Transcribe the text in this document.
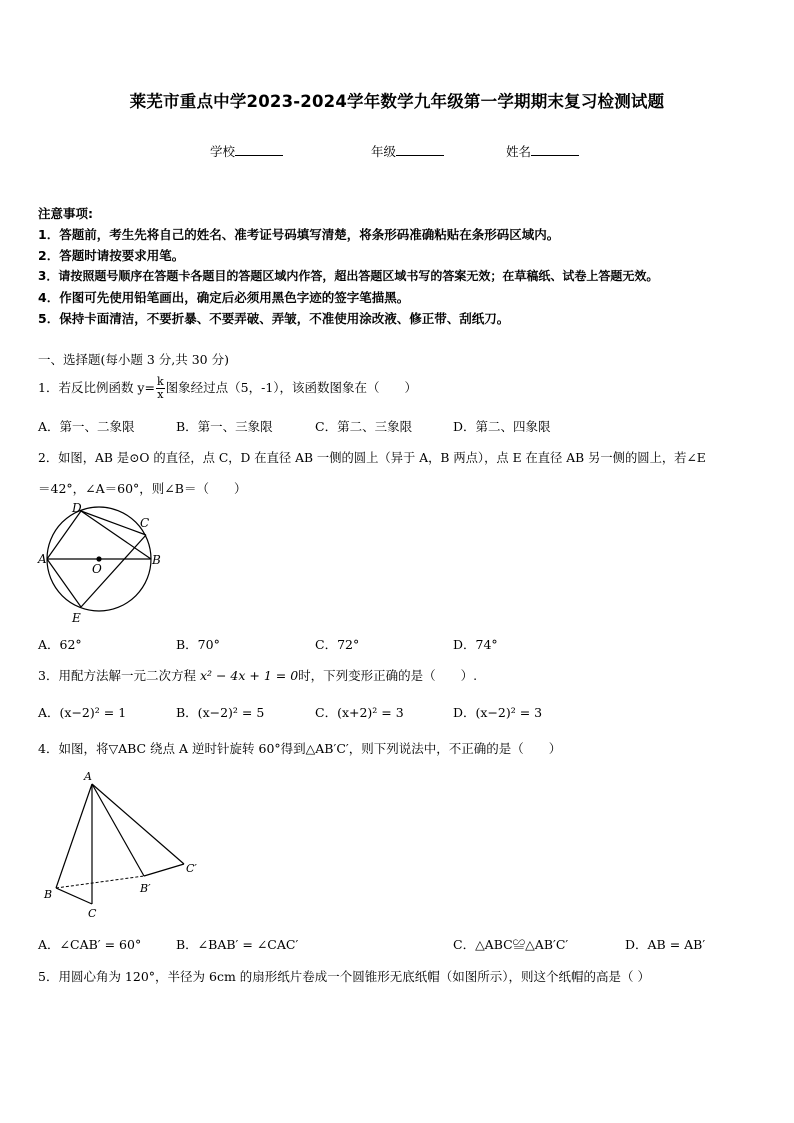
莱芜市重点中学2023-2024学年数学九年级第一学期期末复习检测试题
学校	年级	姓名
注意事项:
1．答题前，考生先将自己的姓名、准考证号码填写清楚，将条形码准确粘贴在条形码区域内。
2．答题时请按要求用笔。
3．请按照题号顺序在答题卡各题目的答题区域内作答，超出答题区域书写的答案无效；在草稿纸、试卷上答题无效。
4．作图可先使用铅笔画出，确定后必须用黑色字迹的签字笔描黑。
5．保持卡面清洁，不要折暴、不要弄破、弄皱，不准使用涂改液、修正带、刮纸刀。
一、选择题(每小题 3 分,共 30 分)
1．若反比例函数 $y= \frac{k}{x}$ 图象经过点（5，-1），该函数图象在（　　）
A．第一、二象限	B．第一、三象限	C．第二、三象限	D．第二、四象限
2．如图，AB 是⊙O 的直径，点 C，D 在直径 AB 一侧的圆上（异于 A，B 两点），点 E 在直径 AB 另一侧的圆上，若∠E
＝42°，∠A＝60°，则∠B＝（　　）
A	B
C
D
E
O
A．62°	B．70°	C．72°	D．74°
3．用配方法解一元二次方程 x² − 4x + 1 = 0时，下列变形正确的是（　　）.
A．(x−2)² = 1	B．(x−2)² = 5	C．(x+2)² = 3	D．(x−2)² = 3
4．如图，将▽ABC 绕点 A 逆时针旋转 60°得到△AB′C′，则下列说法中，不正确的是（　　）
A
B
C
B′
C′
A．∠CAB′ = 60°	B．∠BAB′ = ∠CAC′	C．△ABC≌△AB′C′	D．AB = AB′
5．用圆心角为 120°，半径为 6cm 的扇形纸片卷成一个圆锥形无底纸帽（如图所示），则这个纸帽的高是（ ）
